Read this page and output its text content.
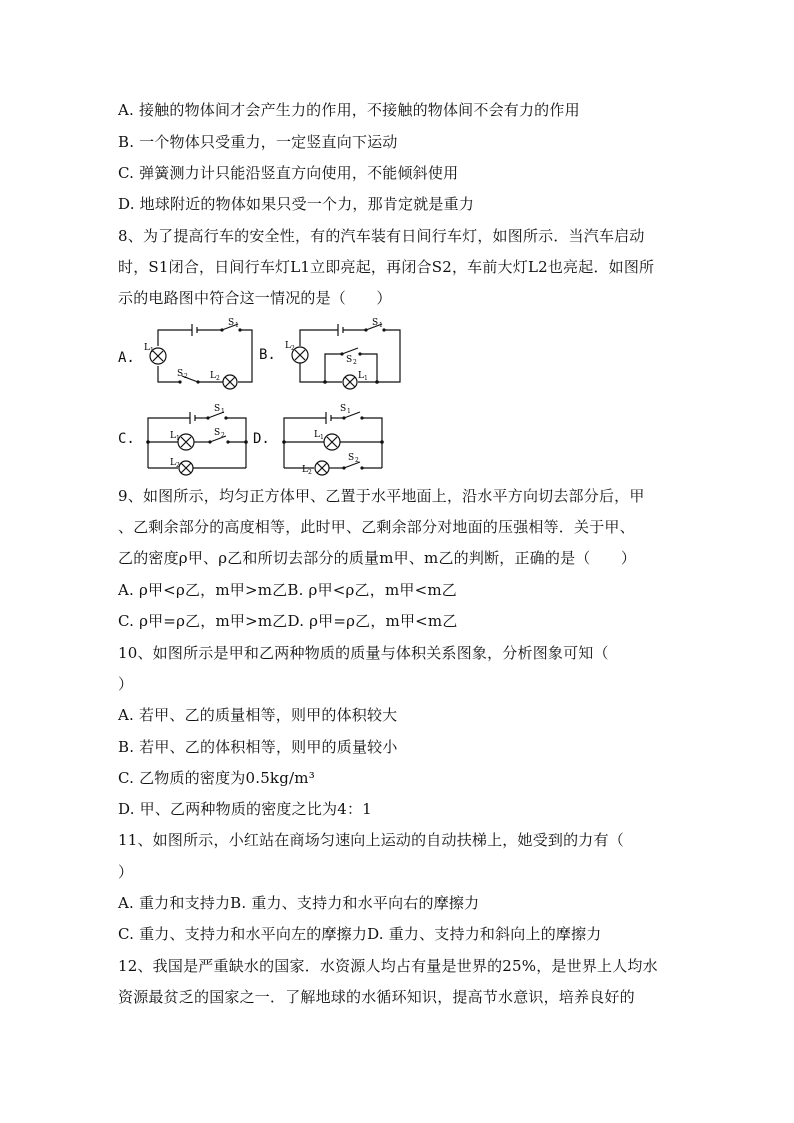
A. 接触的物体间才会产生力的作用，不接触的物体间不会有力的作用
B. 一个物体只受重力，一定竖直向下运动
C. 弹簧测力计只能沿竖直方向使用，不能倾斜使用
D. 地球附近的物体如果只受一个力，那肯定就是重力
8、为了提高行车的安全性，有的汽车装有日间行车灯，如图所示．当汽车启动
时，S1闭合，日间行车灯L1立即亮起，再闭合S2，车前大灯L2也亮起．如图所
示的电路图中符合这一情况的是（　　）
A.	B.
C.	D.
S 1
L 1
S 2 L 2
S 1
L 2
S 2
L 1
S 1
L 1
S 2
L 2
S 1
L 1
S 2
L 2
9、如图所示，均匀正方体甲、乙置于水平地面上，沿水平方向切去部分后，甲
、乙剩余部分的高度相等，此时甲、乙剩余部分对地面的压强相等．关于甲、
乙的密度ρ甲、ρ乙和所切去部分的质量m甲、m乙的判断，正确的是（　　）
A. ρ甲<ρ乙，m甲>m乙B. ρ甲<ρ乙，m甲<m乙
C. ρ甲=ρ乙，m甲>m乙D. ρ甲=ρ乙，m甲<m乙
10、如图所示是甲和乙两种物质的质量与体积关系图象，分析图象可知（
）
A. 若甲、乙的质量相等，则甲的体积较大
B. 若甲、乙的体积相等，则甲的质量较小
C. 乙物质的密度为0.5kg/m³
D. 甲、乙两种物质的密度之比为4：1
11、如图所示，小红站在商场匀速向上运动的自动扶梯上，她受到的力有（
）
A. 重力和支持力B. 重力、支持力和水平向右的摩擦力
C. 重力、支持力和水平向左的摩擦力D. 重力、支持力和斜向上的摩擦力
12、我国是严重缺水的国家．水资源人均占有量是世界的25%，是世界上人均水
资源最贫乏的国家之一．了解地球的水循环知识，提高节水意识，培养良好的
